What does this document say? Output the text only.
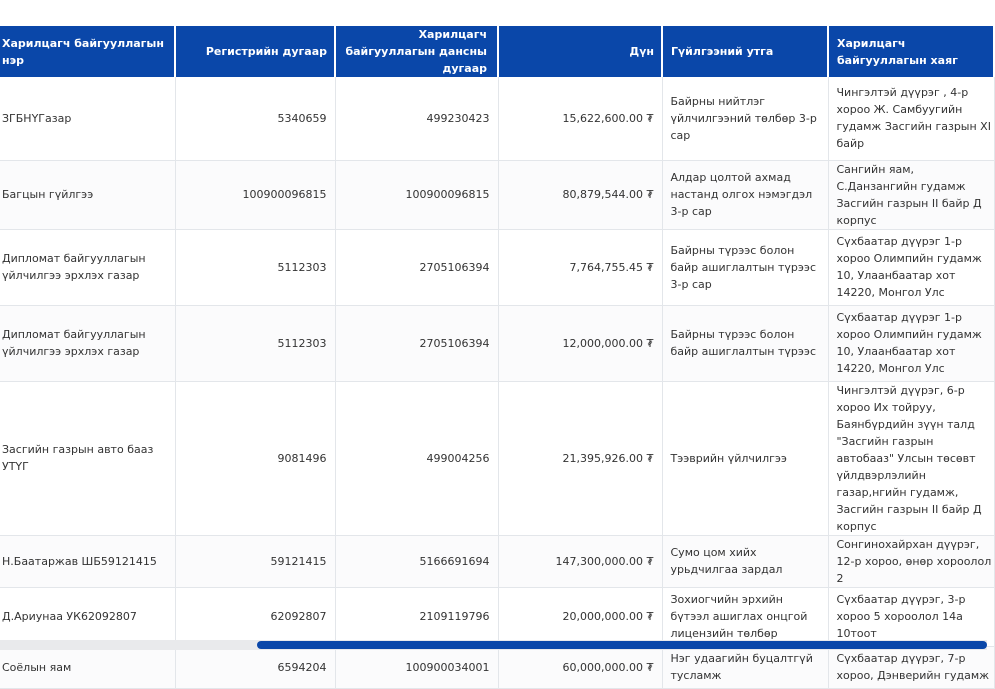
Харилцагч байгууллагын нэр	Регистрийн дугаар	Харилцагч байгууллагын дансны дугаар	Дүн	Гүйлгээний утга	Харилцагч байгууллагын хаяг
ЗГБНҮГазар	5340659	499230423	15,622,600.00 ₮	Байрны нийтлэг үйлчилгээний төлбөр 3-р сар	Чингэлтэй дүүрэг , 4-р хороо Ж. Самбуугийн гудамж Засгийн газрын XI байр
Багцын гүйлгээ	100900096815	100900096815	80,879,544.00 ₮	Алдар цолтой ахмад настанд олгох нэмэгдэл 3-р сар	Сангийн яам, С.Данзангийн гудамж Засгийн газрын II байр Д корпус
Дипломат байгууллагын үйлчилгээ эрхлэх газар	5112303	2705106394	7,764,755.45 ₮	Байрны түрээс болон байр ашиглалтын түрээс 3-р сар	Сүхбаатар дүүрэг 1-р хороо Олимпийн гудамж 10, Улаанбаатар хот 14220, Монгол Улс
Дипломат байгууллагын үйлчилгээ эрхлэх газар	5112303	2705106394	12,000,000.00 ₮	Байрны түрээс болон байр ашиглалтын түрээс	Сүхбаатар дүүрэг 1-р хороо Олимпийн гудамж 10, Улаанбаатар хот 14220, Монгол Улс
Засгийн газрын авто бааз УТҮГ	9081496	499004256	21,395,926.00 ₮	Тээврийн үйлчилгээ	Чингэлтэй дүүрэг, 6-р хороо Их тойруу, Баянбүрдийн зүүн талд "Засгийн газрын автобааз" Улсын төсөвт үйлдвэрлэлийн газар,нгийн гудамж, Засгийн газрын II байр Д корпус
Н.Баатаржав ШБ59121415	59121415	5166691694	147,300,000.00 ₮	Сумо цом хийх урьдчилгаа зардал	Сонгинохайрхан дүүрэг, 12-р хороо, өнөр хороолол 2
Д.Ариунаа УК62092807	62092807	2109119796	20,000,000.00 ₮	Зохиогчийн эрхийн бүтээл ашиглах онцгой лицензийн төлбөр	Сүхбаатар дүүрэг, 3-р хороо 5 хороолол 14а 10тоот
Соёлын яам	6594204	100900034001	60,000,000.00 ₮	Нэг удаагийн буцалтгүй тусламж	Сүхбаатар дүүрэг, 7-р хороо, Дэнверийн гудамж
